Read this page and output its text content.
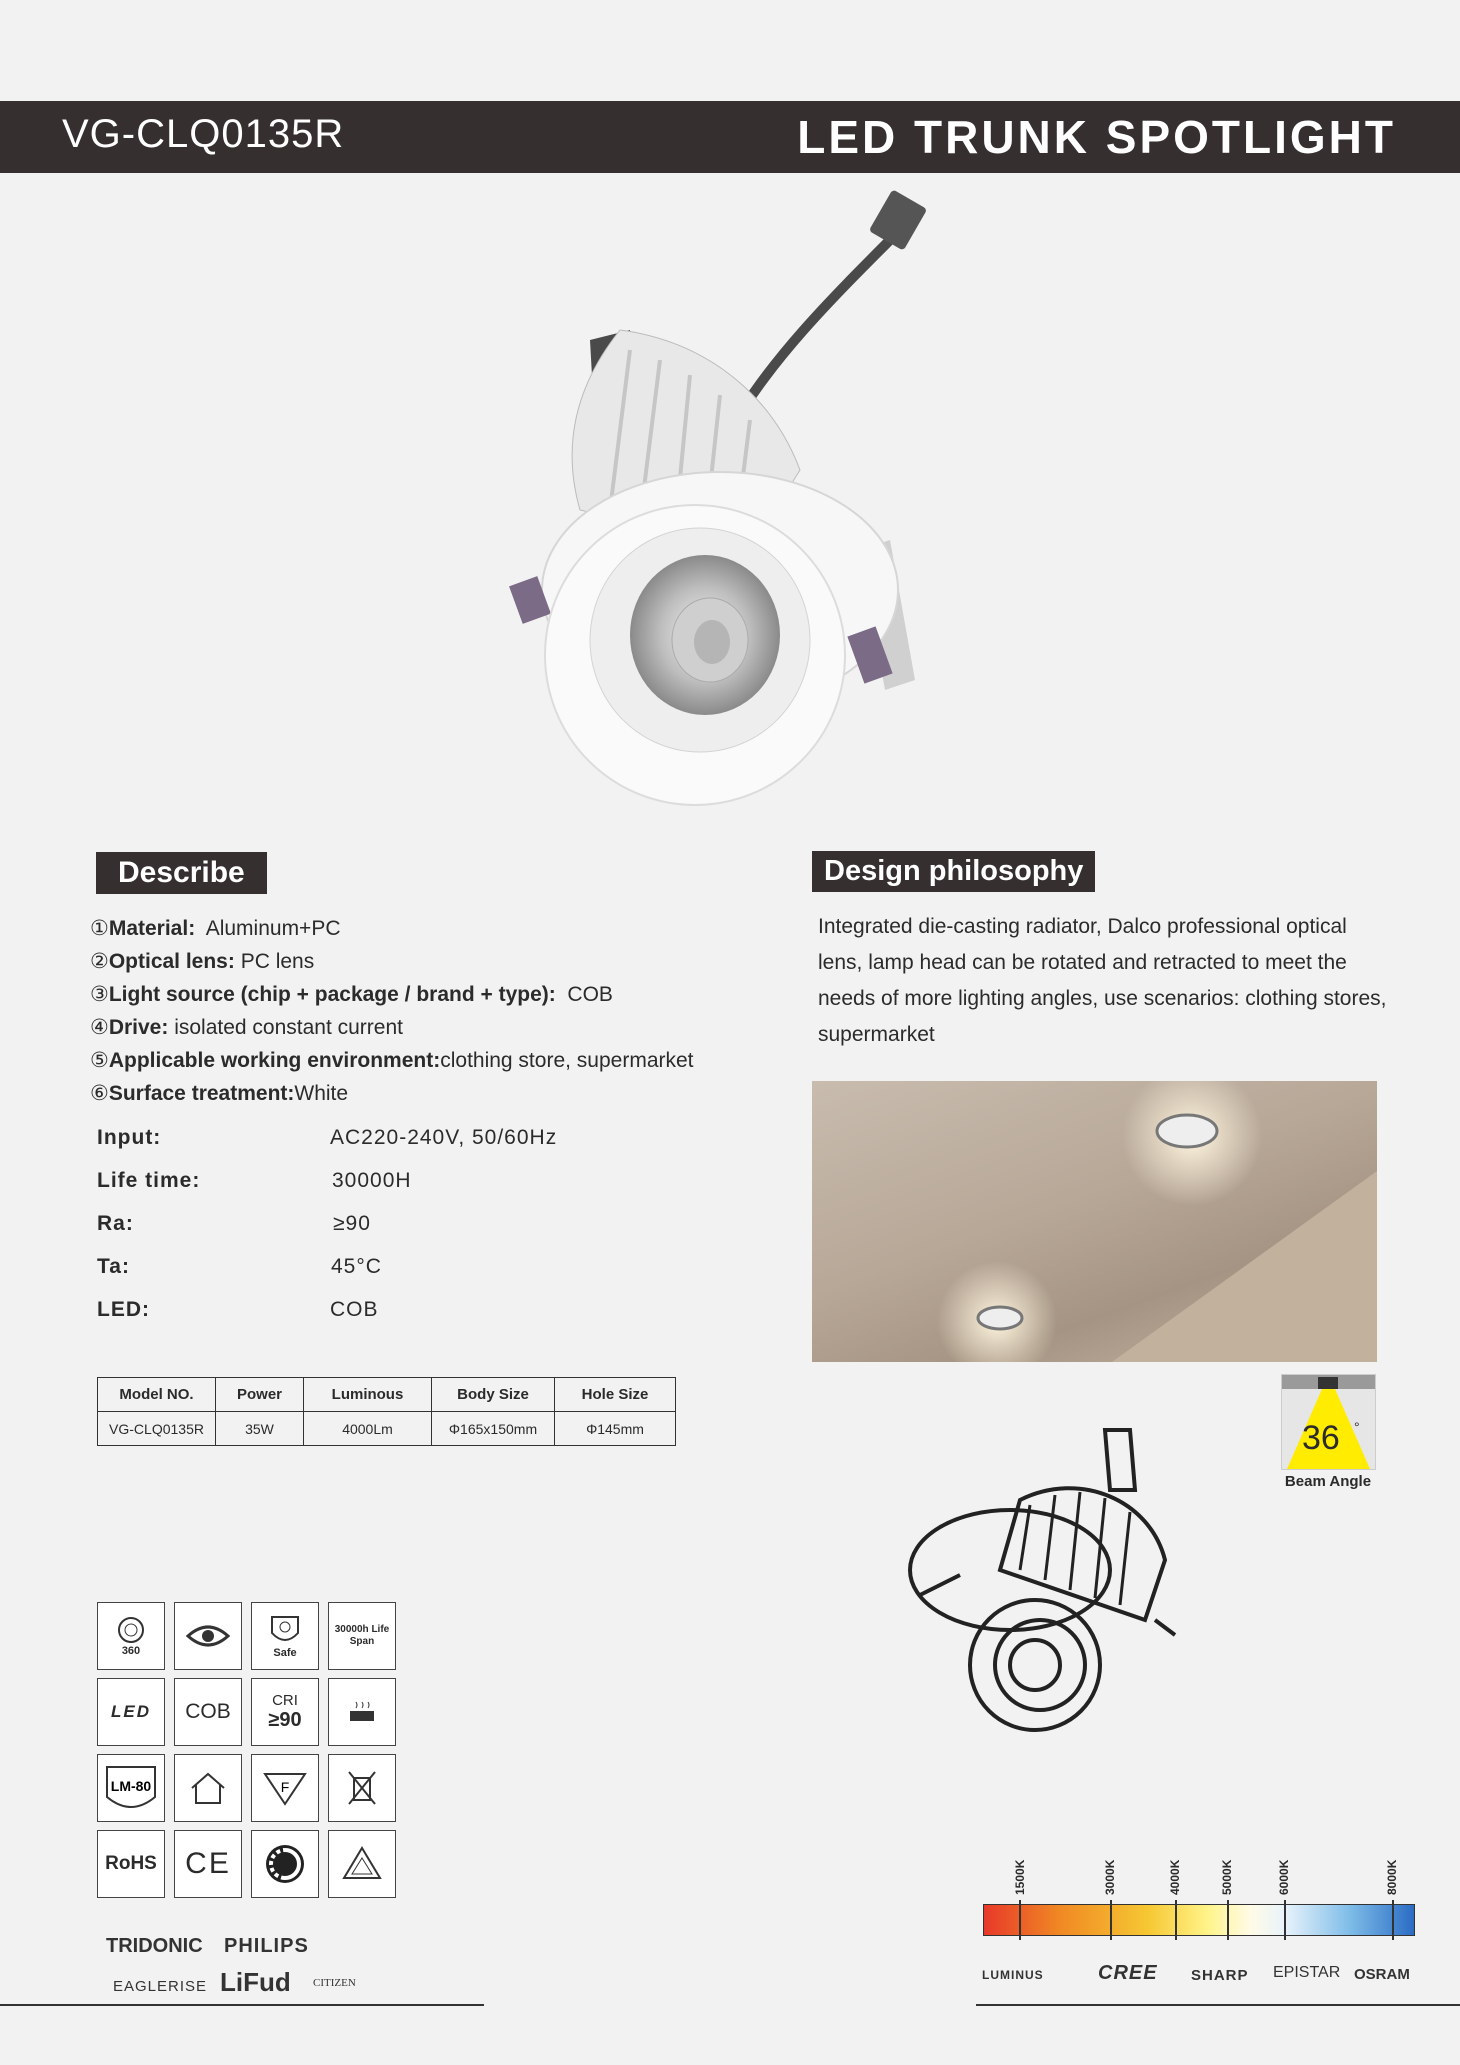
VG-CLQ0135R	LED TRUNK SPOTLIGHT
Describe
①Material:  Aluminum+PC
②Optical lens: PC lens
③Light source (chip + package / brand + type):  COB
④Drive: isolated constant current
⑤Applicable working environment:clothing store, supermarket
⑥Surface treatment:White
Input:	AC220-240V, 50/60Hz
Life time:	30000H
Ra:	≥90
Ta:	45°C
LED:	COB
Model NO.	Power	Luminous	Body Size	Hole Size
VG-CLQ0135R	35W	4000Lm	Φ165x150mm	Φ145mm
Design philosophy
Integrated die-casting radiator, Dalco professional optical lens, lamp head can be rotated and retracted to meet the needs of more lighting angles, use scenarios: clothing stores, supermarket
36 °
Beam Angle
360	Safe
30000h Life Span
LED COB	CRI
≥90
LM-80	F
RoHS CE
TRIDONIC PHILIPS
EAGLERISE LiFud CITIZEN
1500K	3000K	4000K	5000K	6000K	8000K
LUMINUS	CREE SHARP EPISTAR OSRAM
